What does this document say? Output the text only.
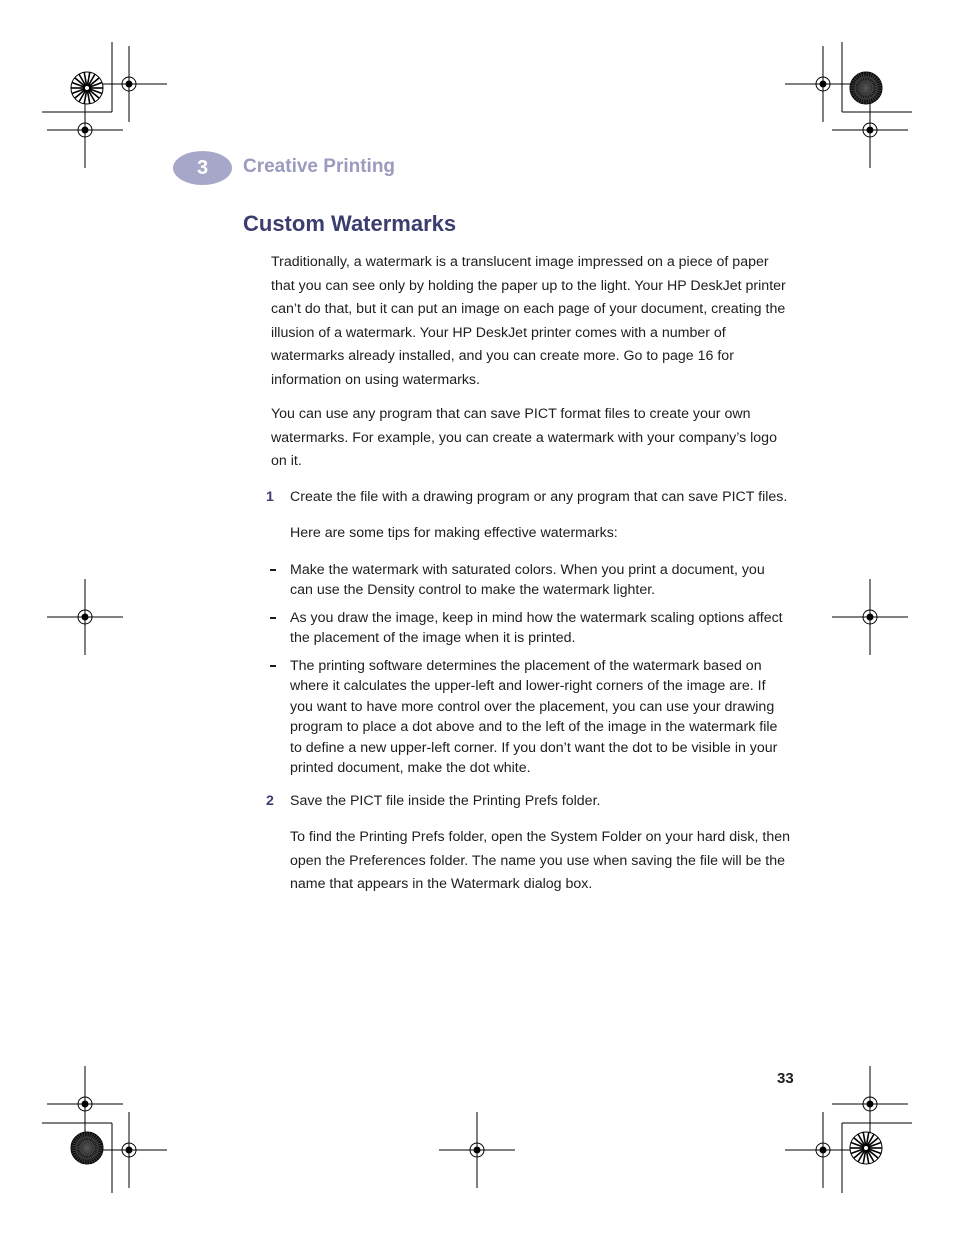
3	Creative Printing
Custom Watermarks

Traditionally, a watermark is a translucent image impressed on a piece of paper that you can see only by holding the paper up to the light. Your HP DeskJet printer can’t do that, but it can put an image on each page of your document, creating the illusion of a watermark. Your HP DeskJet printer comes with a number of watermarks already installed, and you can create more. Go to page 16 for information on using watermarks.

You can use any program that can save PICT format files to create your own watermarks. For example, you can create a watermark with your company’s logo on it.

1 Create the file with a drawing program or any program that can save PICT files.

Here are some tips for making effective watermarks:

Make the watermark with saturated colors. When you print a document, you can use the Density control to make the watermark lighter.

As you draw the image, keep in mind how the watermark scaling options affect the placement of the image when it is printed.

The printing software determines the placement of the watermark based on where it calculates the upper-left and lower-right corners of the image are. If you want to have more control over the placement, you can use your drawing program to place a dot above and to the left of the image in the watermark file to define a new upper-left corner. If you don’t want the dot to be visible in your printed document, make the dot white.

2 Save the PICT file inside the Printing Prefs folder.

To find the Printing Prefs folder, open the System Folder on your hard disk, then open the Preferences folder. The name you use when saving the file will be the name that appears in the Watermark dialog box.

33
